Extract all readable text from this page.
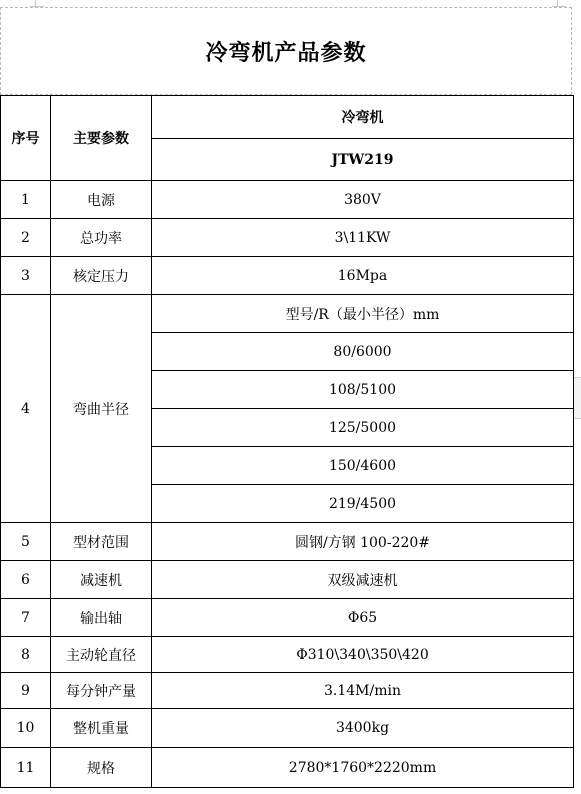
冷弯机产品参数
序号	主要参数	冷弯机
		JTW219
1	电源	380V
2	总功率	3\11KW
3	核定压力	16Mpa
4	弯曲半径	型号/R（最小半径）mm
		80/6000
		108/5100
		125/5000
		150/4600
		219/4500
5	型材范围	圆钢/方钢 100-220#
6	减速机	双级减速机
7	输出轴	Φ65
8	主动轮直径	Φ310\340\350\420
9	每分钟产量	3.14M/min
10	整机重量	3400kg
11	规格	2780*1760*2220mm
